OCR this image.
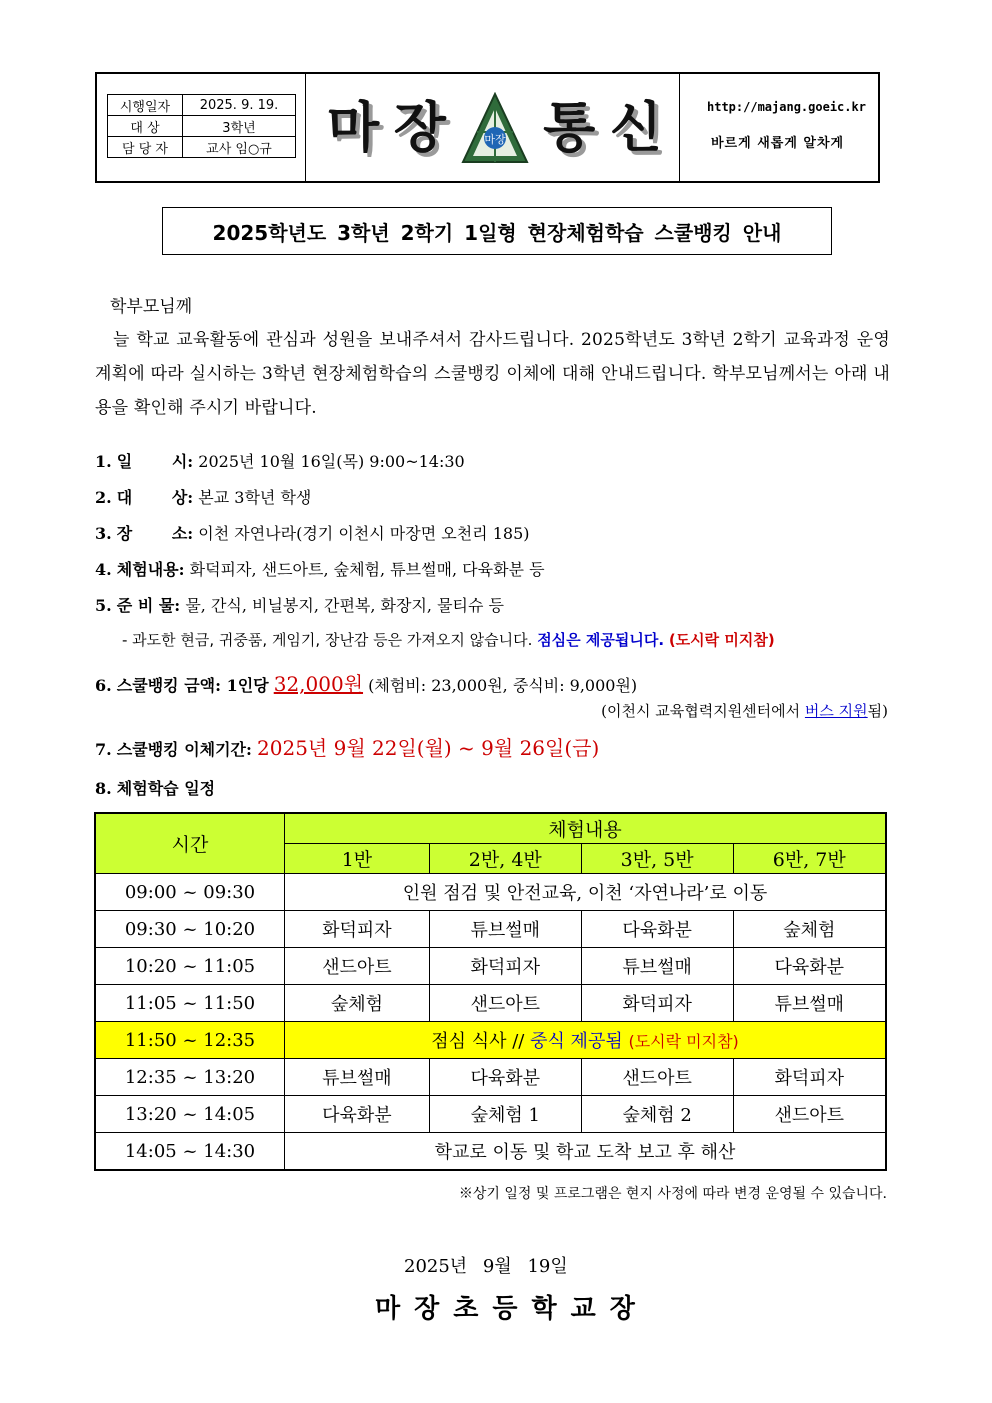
시행일자	2025. 9. 19.
대 상	3학년
담 당 자	교사 임○규 마 장	마장 통 신	http://majang.goeic.kr
바르게 새롭게 알차게
2025학년도 3학년 2학기 1일형 현장체험학습 스쿨뱅킹 안내
학부모님께
늘 학교 교육활동에 관심과 성원을 보내주셔서 감사드립니다. 2025학년도 3학년 2학기 교육과정 운영 계획에 따라 실시하는 3학년 현장체험학습의 스쿨뱅킹 이체에 대해 안내드립니다. 학부모님께서는 아래 내용을 확인해 주시기 바랍니다.
1. 일 시: 2025년 10월 16일(목) 9:00~14:30
2. 대 상: 본교 3학년 학생
3. 장 소: 이천 자연나라(경기 이천시 마장면 오천리 185)
4. 체험내용: 화덕피자, 샌드아트, 숲체험, 튜브썰매, 다육화분 등
5. 준 비 물: 물, 간식, 비닐봉지, 간편복, 화장지, 물티슈 등
- 과도한 현금, 귀중품, 게임기, 장난감 등은 가져오지 않습니다. 점심은 제공됩니다. (도시락 미지참)
6. 스쿨뱅킹 금액: 1인당 32,000원 (체험비: 23,000원, 중식비: 9,000원)
(이천시 교육협력지원센터에서 버스 지원됨)
7. 스쿨뱅킹 이체기간: 2025년 9월 22일(월) ~ 9월 26일(금)
8. 체험학습 일정
시간	체험내용			
	1반	2반, 4반	3반, 5반	6반, 7반
09:00 ~ 09:30	인원 점검 및 안전교육, 이천 ‘자연나라’로 이동			
09:30 ~ 10:20	화덕피자	튜브썰매	다육화분	숲체험
10:20 ~ 11:05	샌드아트	화덕피자	튜브썰매	다육화분
11:05 ~ 11:50	숲체험	샌드아트	화덕피자	튜브썰매
11:50 ~ 12:35	점심 식사 // 중식 제공됨 (도시락 미지참)			
12:35 ~ 13:20	튜브썰매	다육화분	샌드아트	화덕피자
13:20 ~ 14:05	다육화분	숲체험 1	숲체험 2	샌드아트
14:05 ~ 14:30	학교로 이동 및 학교 도착 보고 후 해산			
※상기 일정 및 프로그램은 현지 사정에 따라 변경 운영될 수 있습니다.
2025년 9월 19일
마장초등학교장
